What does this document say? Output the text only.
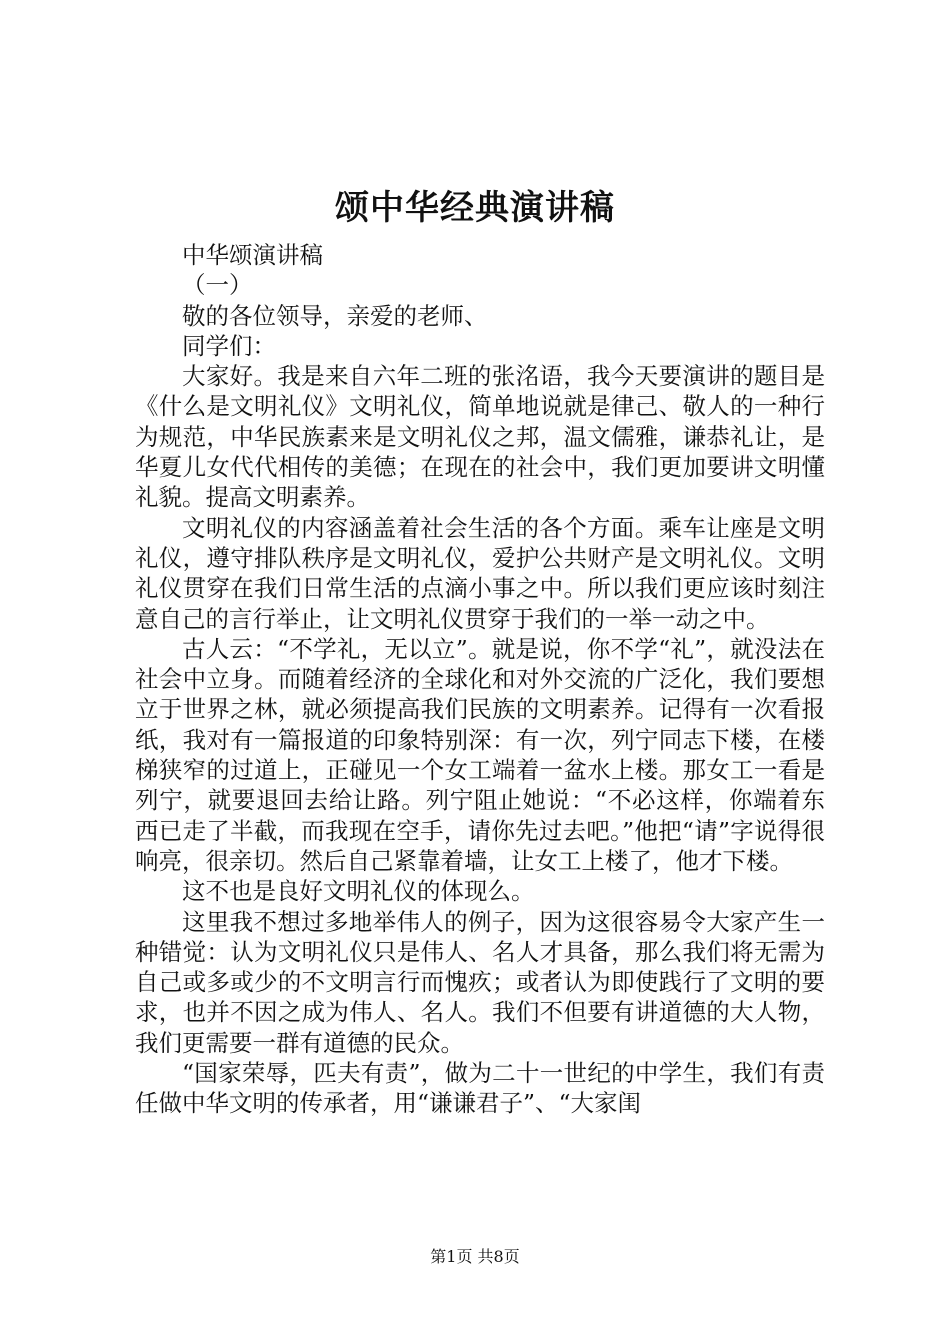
颂中华经典演讲稿

中华颂演讲稿

（一）

敬的各位领导，亲爱的老师、

同学们：

大家好。我是来自六年二班的张洺语，我今天要演讲的题目是《什么是文明礼仪》文明礼仪，简单地说就是律己、敬人的一种行为规范，中华民族素来是文明礼仪之邦，温文儒雅，谦恭礼让，是华夏儿女代代相传的美德；在现在的社会中，我们更加要讲文明懂礼貌。提高文明素养。

文明礼仪的内容涵盖着社会生活的各个方面。乘车让座是文明礼仪，遵守排队秩序是文明礼仪，爱护公共财产是文明礼仪。文明礼仪贯穿在我们日常生活的点滴小事之中。所以我们更应该时刻注意自己的言行举止，让文明礼仪贯穿于我们的一举一动之中。

古人云：“不学礼，无以立”。就是说，你不学“礼”，就没法在社会中立身。而随着经济的全球化和对外交流的广泛化，我们要想立于世界之林，就必须提高我们民族的文明素养。记得有一次看报纸，我对有一篇报道的印象特别深：有一次，列宁同志下楼，在楼梯狭窄的过道上，正碰见一个女工端着一盆水上楼。那女工一看是列宁，就要退回去给让路。列宁阻止她说：“不必这样，你端着东西已走了半截，而我现在空手，请你先过去吧。”他把“请”字说得很响亮，很亲切。然后自己紧靠着墙，让女工上楼了，他才下楼。

这不也是良好文明礼仪的体现么。

这里我不想过多地举伟人的例子，因为这很容易令大家产生一种错觉：认为文明礼仪只是伟人、名人才具备，那么我们将无需为自己或多或少的不文明言行而愧疚；或者认为即使践行了文明的要求，也并不因之成为伟人、名人。我们不但要有讲道德的大人物，我们更需要一群有道德的民众。

“国家荣辱，匹夫有责”，做为二十一世纪的中学生，我们有责任做中华文明的传承者，用“谦谦君子”、“大家闺

第1页 共8页
